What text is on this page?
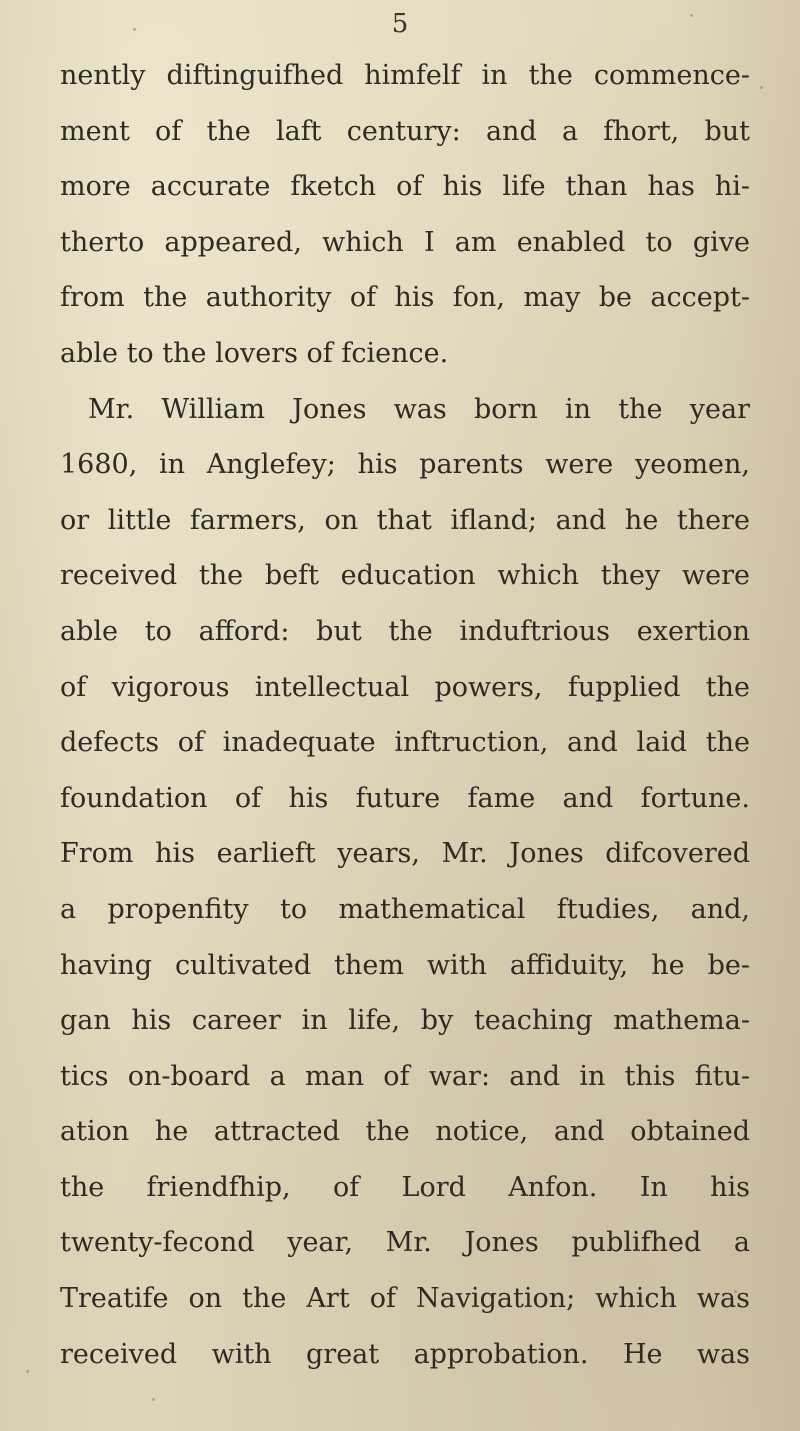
5
nently diftinguifhed himfelf in the commence-
ment of the laft century: and a fhort, but
more accurate fketch of his life than has hi-
therto appeared, which I am enabled to give
from the authority of his fon, may be accept-
able to the lovers of fcience.
Mr. William Jones was born in the year
1680, in Anglefey; his parents were yeomen,
or little farmers, on that ifland; and he there
received the beft education which they were
able to afford: but the induftrious exertion
of vigorous intellectual powers, fupplied the
defects of inadequate inftruction, and laid the
foundation of his future fame and fortune.
From his earlieft years, Mr. Jones difcovered
a propenfity to mathematical ftudies, and,
having cultivated them with affiduity, he be-
gan his career in life, by teaching mathema-
tics on-board a man of war: and in this fitu-
ation he attracted the notice, and obtained
the friendfhip, of Lord Anfon. In his
twenty-fecond year, Mr. Jones publifhed a
Treatife on the Art of Navigation; which was
received with great approbation. He was
